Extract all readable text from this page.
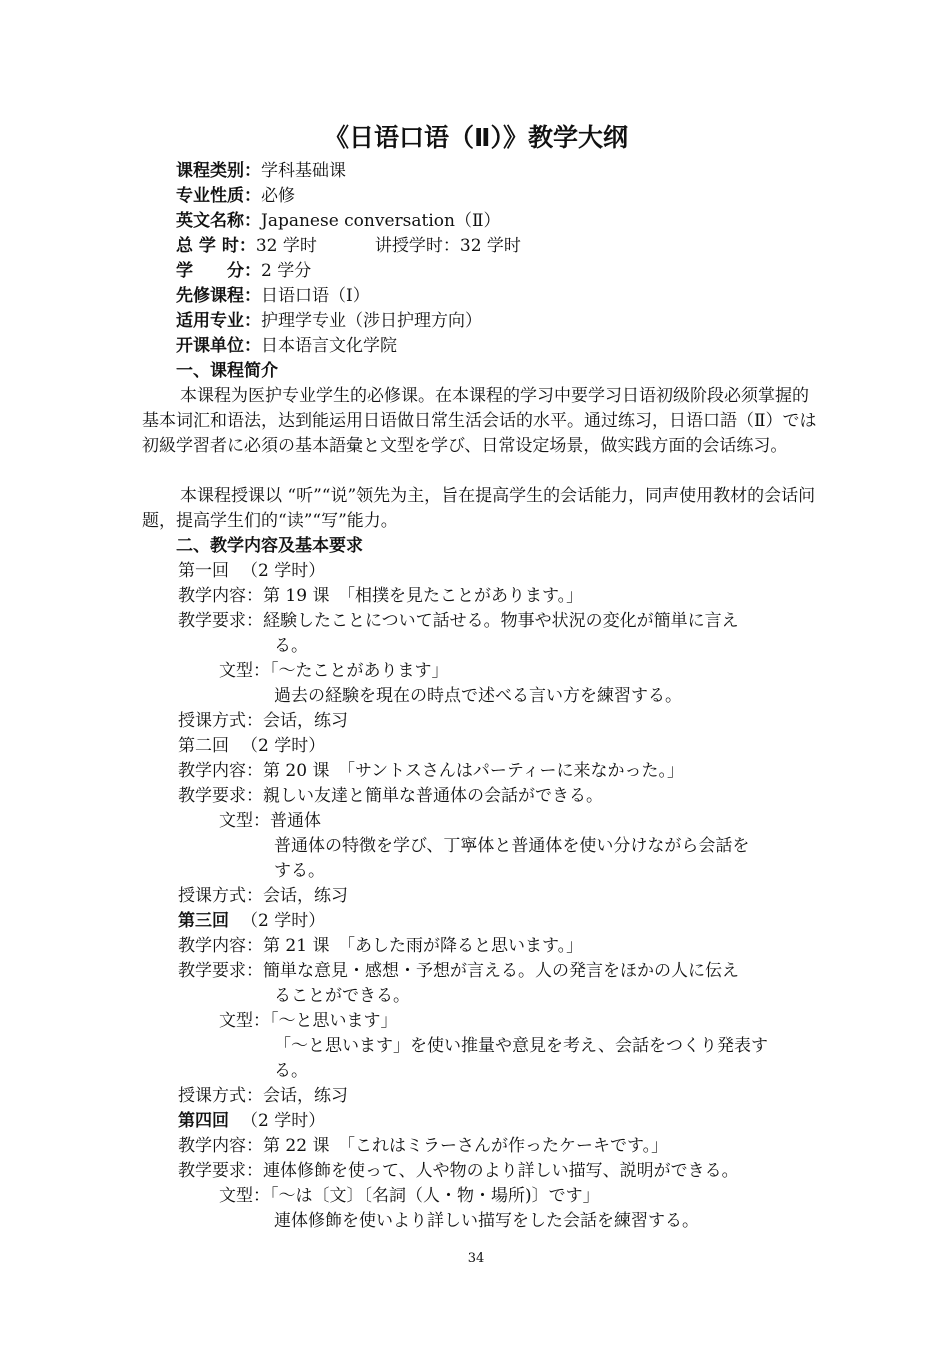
《日语口语（Ⅱ）》教学大纲
课程类别：学科基础课
专业性质：必修
英文名称：Japanese conversation（Ⅱ）
总 学 时：32 学时	讲授学时：32 学时
学　　分：2 学分
先修课程：日语口语（Ⅰ）
适用专业：护理学专业（涉日护理方向）
开课单位：日本语言文化学院
一、课程简介
本课程为医护专业学生的必修课。在本课程的学习中要学习日语初级阶段必须掌握的基本词汇和语法，达到能运用日语做日常生活会话的水平。通过练习，日语口語（Ⅱ）では初級学習者に必須の基本語彙と文型を学び、日常设定场景，做实践方面的会话练习。
本课程授课以 “听”“说”领先为主，旨在提高学生的会话能力，同声使用教材的会话问题，提高学生们的“读”“写”能力。
二、教学内容及基本要求
第一回 （2 学时）
教学内容：第 19 课　「相撲を見たことがあります。」
教学要求：経験したことについて話せる。物事や状況の変化が簡単に言え
る。
文型：「～たことがあります」
過去の経験を現在の時点で述べる言い方を練習する。
授课方式：会话，练习
第二回 （2 学时）
教学内容：第 20 课　「サントスさんはパーティーに来なかった。」
教学要求：親しい友達と簡単な普通体の会話ができる。
文型：普通体
普通体の特徴を学び、丁寧体と普通体を使い分けながら会話を
する。
授课方式：会话，练习
第三回 （2 学时）
教学内容：第 21 课　「あした雨が降ると思います。」
教学要求：簡単な意見・感想・予想が言える。人の発言をほかの人に伝え
ることができる。
文型：「～と思います」
「～と思います」を使い推量や意見を考え、会話をつくり発表す
る。
授课方式：会话，练习
第四回 （2 学时）
教学内容：第 22 课　「これはミラーさんが作ったケーキです。」
教学要求：連体修飾を使って、人や物のより詳しい描写、説明ができる。
文型：「～は〔文〕〔名詞（人・物・場所)〕です」
連体修飾を使いより詳しい描写をした会話を練習する。
34
